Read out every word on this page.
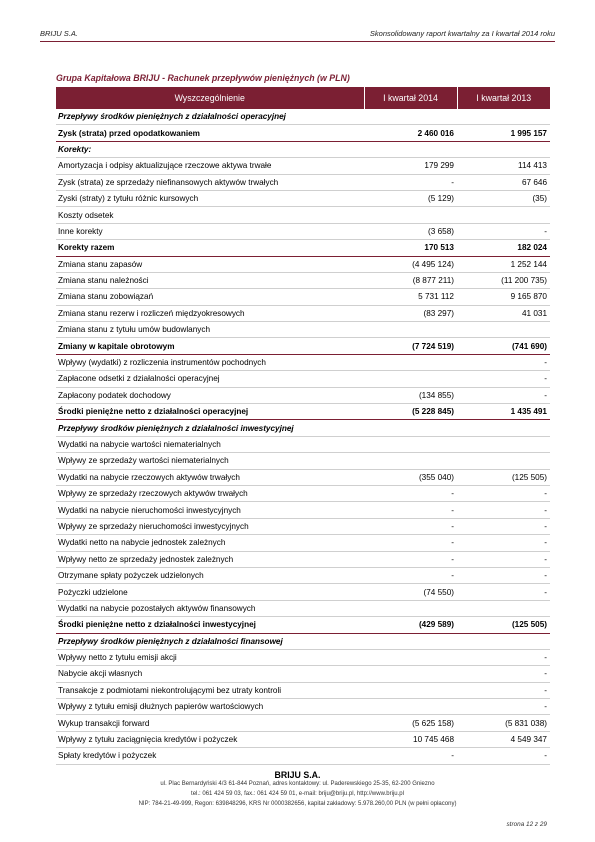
BRIJU S.A.	Skonsolidowany raport kwartalny za I kwartał 2014 roku
Grupa Kapitałowa BRIJU - Rachunek przepływów pieniężnych (w PLN)
Wyszczególnienie	I kwartał 2014	I kwartał 2013
Przepływy środków pieniężnych z działalności operacyjnej		
Zysk (strata) przed opodatkowaniem	2 460 016	1 995 157
Korekty:		
Amortyzacja i odpisy aktualizujące rzeczowe aktywa trwałe	179 299	114 413
Zysk (strata) ze sprzedaży niefinansowych aktywów trwałych	-	67 646
Zyski (straty) z tytułu różnic kursowych	(5 129)	(35)
Koszty odsetek		
Inne korekty	(3 658)	-
Korekty razem	170 513	182 024
Zmiana stanu zapasów	(4 495 124)	1 252 144
Zmiana stanu należności	(8 877 211)	(11 200 735)
Zmiana stanu zobowiązań	5 731 112	9 165 870
Zmiana stanu rezerw i rozliczeń międzyokresowych	(83 297)	41 031
Zmiana stanu z tytułu umów budowlanych		
Zmiany w kapitale obrotowym	(7 724 519)	(741 690)
Wpływy (wydatki) z rozliczenia instrumentów pochodnych		-
Zapłacone odsetki z działalności operacyjnej		-
Zapłacony podatek dochodowy	(134 855)	-
Środki pieniężne netto z działalności operacyjnej	(5 228 845)	1 435 491
Przepływy środków pieniężnych z działalności inwestycyjnej		
Wydatki na nabycie wartości niematerialnych		
Wpływy ze sprzedaży wartości niematerialnych		
Wydatki na nabycie rzeczowych aktywów trwałych	(355 040)	(125 505)
Wpływy ze sprzedaży rzeczowych aktywów trwałych	-	-
Wydatki na nabycie nieruchomości inwestycyjnych	-	-
Wpływy ze sprzedaży nieruchomości inwestycyjnych	-	-
Wydatki netto na nabycie jednostek zależnych	-	-
Wpływy netto ze sprzedaży jednostek zależnych	-	-
Otrzymane spłaty pożyczek udzielonych	-	-
Pożyczki udzielone	(74 550)	-
Wydatki na nabycie pozostałych aktywów finansowych		
Środki pieniężne netto z działalności inwestycyjnej	(429 589)	(125 505)
Przepływy środków pieniężnych z działalności finansowej		
Wpływy netto z tytułu emisji akcji		-
Nabycie akcji własnych		-
Transakcje z podmiotami niekontrolującymi bez utraty kontroli		-
Wpływy z tytułu emisji dłużnych papierów wartościowych		-
Wykup transakcji forward	(5 625 158)	(5 831 038)
Wpływy z tytułu zaciągnięcia kredytów i pożyczek	10 745 468	4 549 347
Spłaty kredytów i pożyczek	-	-
BRIJU S.A.
ul. Plac Bernardyński 4/3 61-844 Poznań, adres kontaktowy: ul. Paderewskiego 25-35, 62-200 Gniezno
tel.: 061 424 59 03, fax.: 061 424 59 01, e-mail: briju@briju.pl, http://www.briju.pl
NIP: 784-21-49-999, Regon: 639848296, KRS Nr 0000382656, kapitał zakładowy: 5.978.260,00 PLN (w pełni opłacony)
strona 12 z 29
